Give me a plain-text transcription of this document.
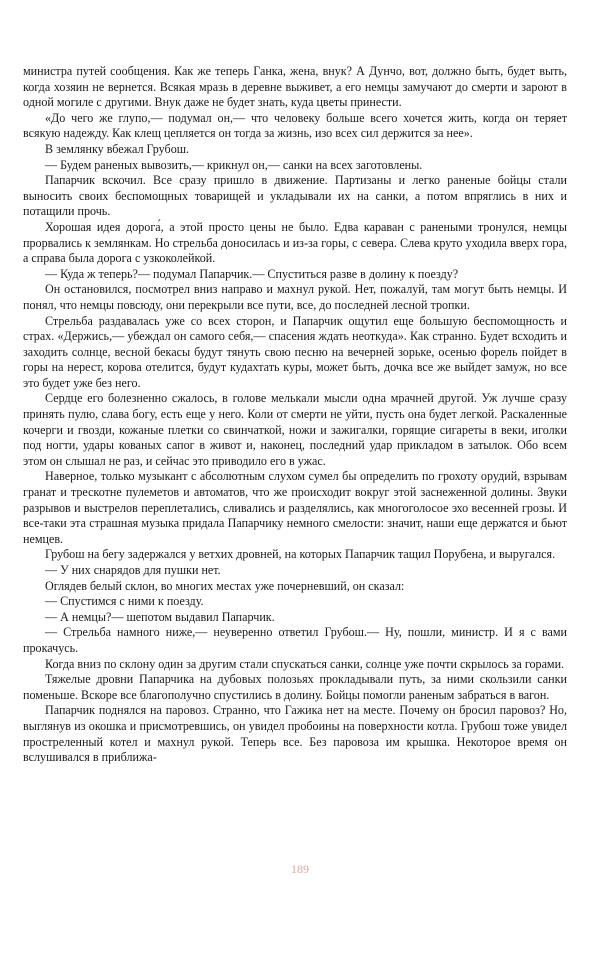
министра путей сообщения. Как же теперь Ганка, жена, внук? А Дунчо, вот, должно быть, будет выть, когда хозяин не вернется. Всякая мразь в деревне выживет, а его немцы замучают до смерти и зароют в одной могиле с другими. Внук даже не будет знать, куда цветы принести.

«До чего же глупо,— подумал он,— что человеку больше всего хочется жить, когда он теряет всякую надежду. Как клещ цепляется он тогда за жизнь, изо всех сил держится за нее».

В землянку вбежал Грубош.

— Будем раненых вывозить,— крикнул он,— санки на всех заготовлены.

Папарчик вскочил. Все сразу пришло в движение. Партизаны и легко раненые бойцы стали выносить своих беспомощных товарищей и укладывали их на санки, а потом впряглись в них и потащили прочь.

Хорошая идея дорога́, а этой просто цены не было. Едва караван с ранеными тронулся, немцы прорвались к землянкам. Но стрельба доносилась и из-за горы, с севера. Слева круто уходила вверх гора, а справа была дорога с узкоколейкой.

— Куда ж теперь?— подумал Папарчик.— Спуститься разве в долину к поезду?

Он остановился, посмотрел вниз направо и махнул рукой. Нет, пожалуй, там могут быть немцы. И понял, что немцы повсюду, они перекрыли все пути, все, до последней лесной тропки.

Стрельба раздавалась уже со всех сторон, и Папарчик ощутил еще большую беспомощность и страх. «Держись,— убеждал он самого себя,— спасения ждать неоткуда». Как странно. Будет всходить и заходить солнце, весной бекасы будут тянуть свою песню на вечерней зорьке, осенью форель пойдет в горы на нерест, корова отелится, будут кудахтать куры, может быть, дочка все же выйдет замуж, но все это будет уже без него.

Сердце его болезненно сжалось, в голове мелькали мысли одна мрачней другой. Уж лучше сразу принять пулю, слава богу, есть еще у него. Коли от смерти не уйти, пусть она будет легкой. Раскаленные кочерги и гвозди, кожаные плетки со свинчаткой, ножи и зажигалки, горящие сигареты в веки, иголки под ногти, удары кованых сапог в живот и, наконец, последний удар прикладом в затылок. Обо всем этом он слышал не раз, и сейчас это приводило его в ужас.

Наверное, только музыкант с абсолютным слухом сумел бы определить по грохоту орудий, взрывам гранат и трескотне пулеметов и автоматов, что же происходит вокруг этой заснеженной долины. Звуки разрывов и выстрелов переплетались, сливались и разделялись, как многоголосое эхо весенней грозы. И все-таки эта страшная музыка придала Папарчику немного смелости: значит, наши еще держатся и бьют немцев.

Грубош на бегу задержался у ветхих дровней, на которых Папарчик тащил Порубена, и выругался.

— У них снарядов для пушки нет.

Оглядев белый склон, во многих местах уже почерневший, он сказал:

— Спустимся с ними к поезду.

— А немцы?— шепотом выдавил Папарчик.

— Стрельба намного ниже,— неуверенно ответил Грубош.— Ну, пошли, министр. И я с вами прокачусь.

Когда вниз по склону один за другим стали спускаться санки, солнце уже почти скрылось за горами.

Тяжелые дровни Папарчика на дубовых полозьях прокладывали путь, за ними скользили санки поменьше. Вскоре все благополучно спустились в долину. Бойцы помогли раненым забраться в вагон.

Папарчик поднялся на паровоз. Странно, что Гажика нет на месте. Почему он бросил паровоз? Но, выглянув из окошка и присмотревшись, он увидел пробоины на поверхности котла. Грубош тоже увидел простреленный котел и махнул рукой. Теперь все. Без паровоза им крышка. Некоторое время он вслушивался в приближа-

189
